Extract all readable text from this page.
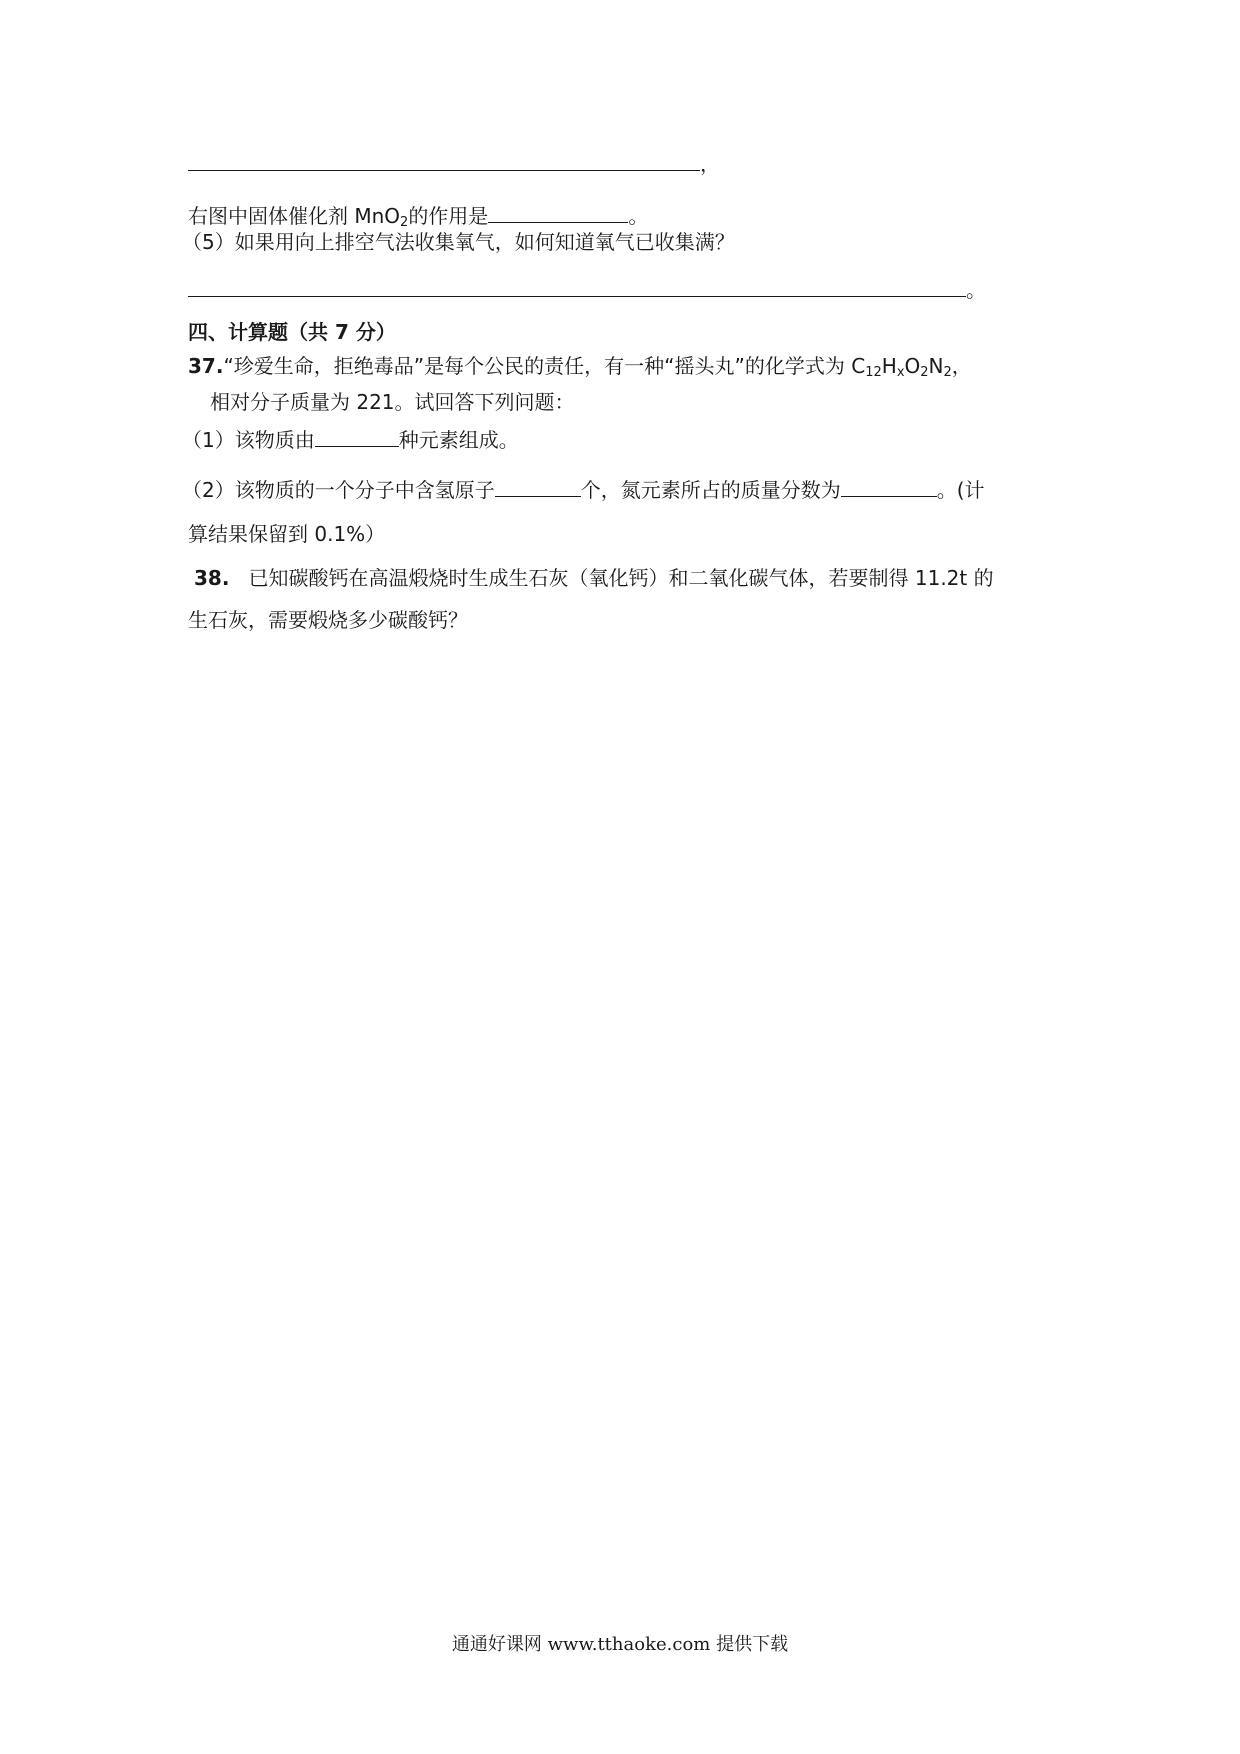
，
右图中固体催化剂 MnO$_2$的作用是	。
（5）如果用向上排空气法收集氧气，如何知道氧气已收集满？
。
四、计算题（共 7 分）
37.“珍爱生命，拒绝毒品”是每个公民的责任，有一种“摇头丸”的化学式为 $C_{12}H_xO_2N_2$，
相对分子质量为 221。试回答下列问题：
（1）该物质由	种元素组成。
（2）该物质的一个分子中含氢原子	个，氮元素所占的质量分数为	。(计
算结果保留到 0.1%）
38. 已知碳酸钙在高温煅烧时生成生石灰（氧化钙）和二氧化碳气体，若要制得 11.2t 的
生石灰，需要煅烧多少碳酸钙？
通通好课网 www.tthaoke.com 提供下载
